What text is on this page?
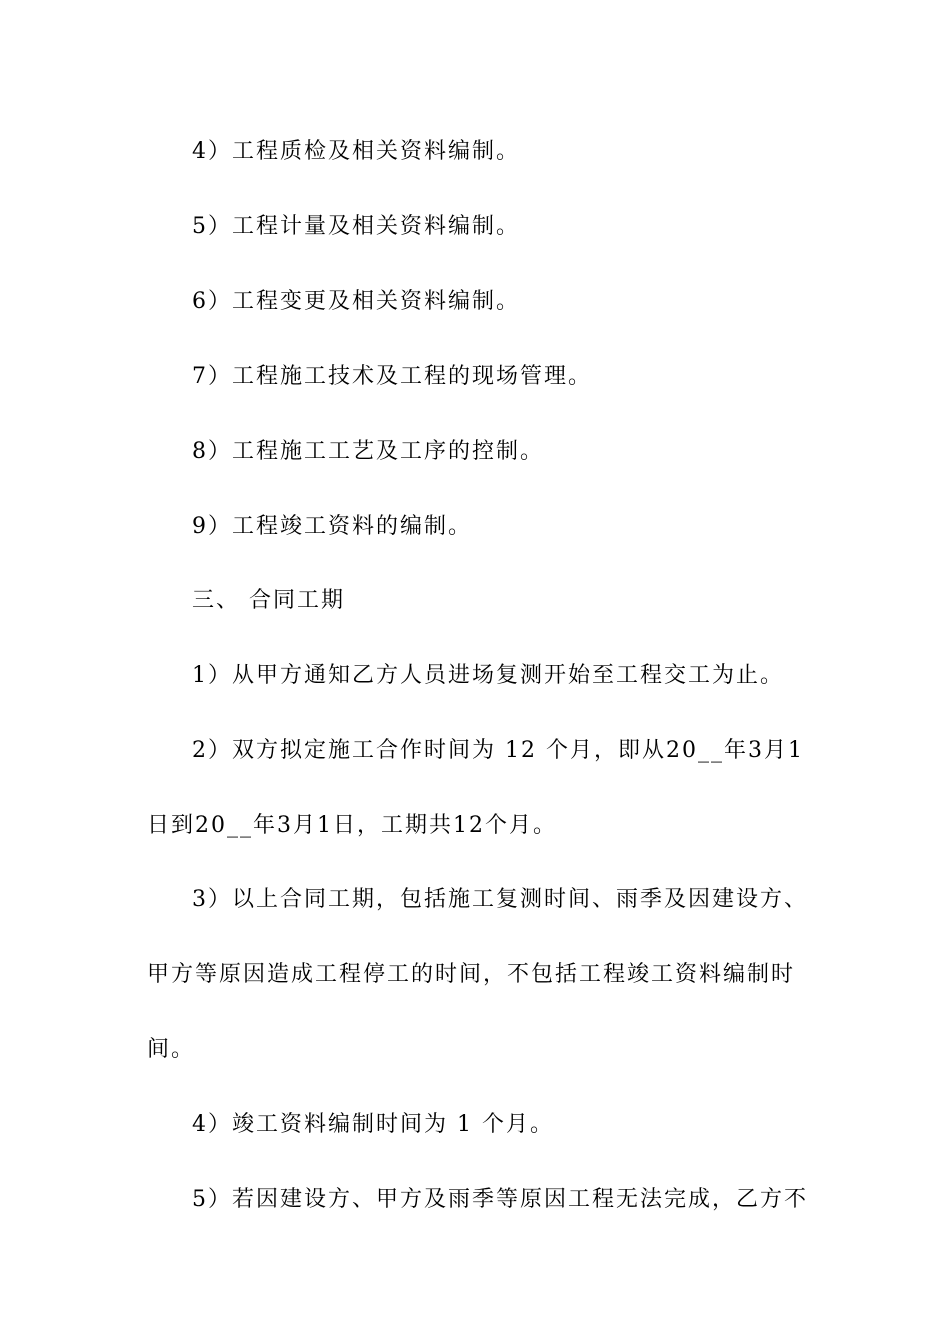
4）工程质检及相关资料编制。
5）工程计量及相关资料编制。
6）工程变更及相关资料编制。
7）工程施工技术及工程的现场管理。
8）工程施工工艺及工序的控制。
9）工程竣工资料的编制。
三、 合同工期
1）从甲方通知乙方人员进场复测开始至工程交工为止。
2）双方拟定施工合作时间为 12 个月，即从20__年3月1
日到20__年3月1日，工期共12个月。
3）以上合同工期，包括施工复测时间、雨季及因建设方、
甲方等原因造成工程停工的时间，不包括工程竣工资料编制时
间。
4）竣工资料编制时间为 1 个月。
5）若因建设方、甲方及雨季等原因工程无法完成，乙方不
